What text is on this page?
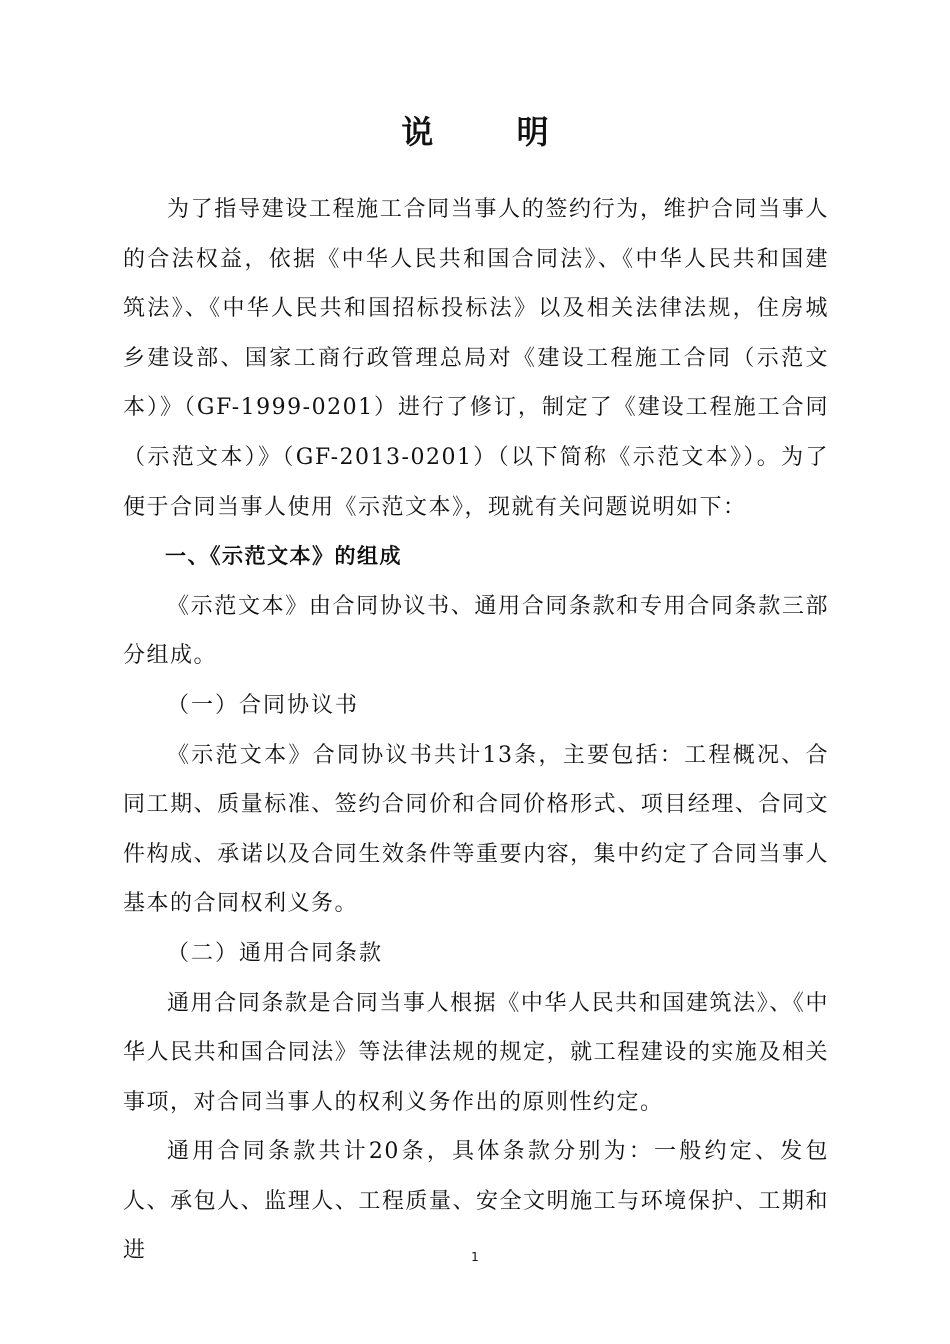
说 明

为了指导建设工程施工合同当事人的签约行为，维护合同当事人的合法权益，依据《中华人民共和国合同法》、《中华人民共和国建筑法》、《中华人民共和国招标投标法》以及相关法律法规，住房城乡建设部、国家工商行政管理总局对《建设工程施工合同（示范文本）》（GF-1999-0201）进行了修订，制定了《建设工程施工合同（示范文本）》（GF-2013-0201）（以下简称《示范文本》）。为了便于合同当事人使用《示范文本》，现就有关问题说明如下：

一、《示范文本》的组成

《示范文本》由合同协议书、通用合同条款和专用合同条款三部分组成。

（一）合同协议书

《示范文本》合同协议书共计13条，主要包括：工程概况、合同工期、质量标准、签约合同价和合同价格形式、项目经理、合同文件构成、承诺以及合同生效条件等重要内容，集中约定了合同当事人基本的合同权利义务。

（二）通用合同条款

通用合同条款是合同当事人根据《中华人民共和国建筑法》、《中华人民共和国合同法》等法律法规的规定，就工程建设的实施及相关事项，对合同当事人的权利义务作出的原则性约定。

通用合同条款共计20条，具体条款分别为：一般约定、发包人、承包人、监理人、工程质量、安全文明施工与环境保护、工期和进	1
